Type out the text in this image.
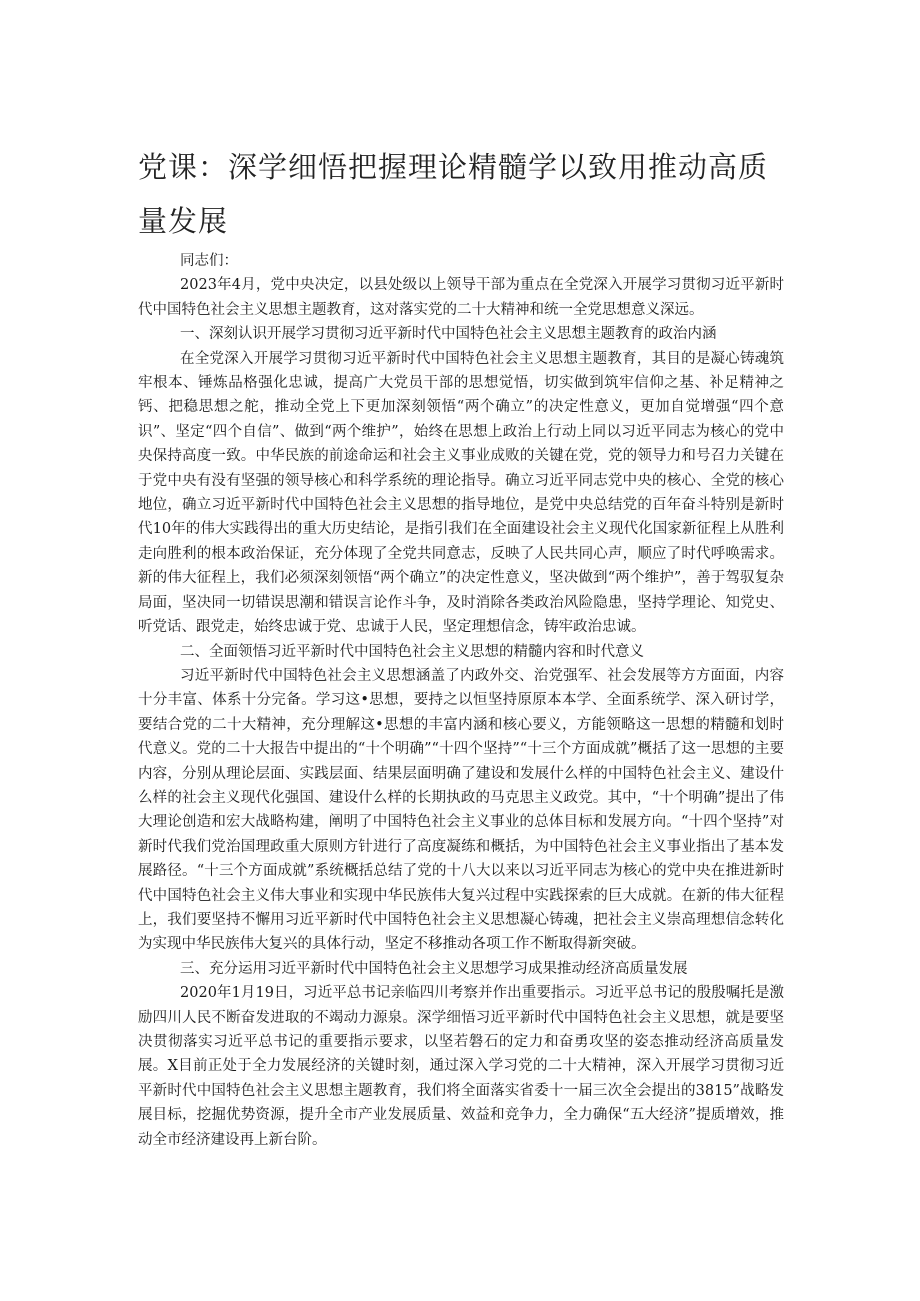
党课：深学细悟把握理论精髓学以致用推动高质量发展

同志们：

2023年4月，党中央决定，以县处级以上领导干部为重点在全党深入开展学习贯彻习近平新时代中国特色社会主义思想主题教育，这对落实党的二十大精神和统一全党思想意义深远。

一、深刻认识开展学习贯彻习近平新时代中国特色社会主义思想主题教育的政治内涵

在全党深入开展学习贯彻习近平新时代中国特色社会主义思想主题教育，其目的是凝心铸魂筑牢根本、锤炼品格强化忠诚，提高广大党员干部的思想觉悟，切实做到筑牢信仰之基、补足精神之钙、把稳思想之舵，推动全党上下更加深刻领悟“两个确立”的决定性意义，更加自觉增强“四个意识”、坚定“四个自信”、做到“两个维护”，始终在思想上政治上行动上同以习近平同志为核心的党中央保持高度一致。中华民族的前途命运和社会主义事业成败的关键在党，党的领导力和号召力关键在于党中央有没有坚强的领导核心和科学系统的理论指导。确立习近平同志党中央的核心、全党的核心地位，确立习近平新时代中国特色社会主义思想的指导地位，是党中央总结党的百年奋斗特别是新时代10年的伟大实践得出的重大历史结论，是指引我们在全面建设社会主义现代化国家新征程上从胜利走向胜利的根本政治保证，充分体现了全党共同意志，反映了人民共同心声，顺应了时代呼唤需求。新的伟大征程上，我们必须深刻领悟“两个确立”的决定性意义，坚决做到“两个维护”，善于驾驭复杂局面，坚决同一切错误思潮和错误言论作斗争，及时消除各类政治风险隐患，坚持学理论、知党史、听党话、跟党走，始终忠诚于党、忠诚于人民，坚定理想信念，铸牢政治忠诚。

二、全面领悟习近平新时代中国特色社会主义思想的精髓内容和时代意义

习近平新时代中国特色社会主义思想涵盖了内政外交、治党强军、社会发展等方方面面，内容十分丰富、体系十分完备。学习这•思想，要持之以恒坚持原原本本学、全面系统学、深入研讨学，要结合党的二十大精神，充分理解这•思想的丰富内涵和核心要义，方能领略这一思想的精髓和划时代意义。党的二十大报告中提出的“十个明确”“十四个坚持”“十三个方面成就”概括了这一思想的主要内容，分别从理论层面、实践层面、结果层面明确了建设和发展什么样的中国特色社会主义、建设什么样的社会主义现代化强国、建设什么样的长期执政的马克思主义政党。其中，“十个明确”提出了伟大理论创造和宏大战略构建，阐明了中国特色社会主义事业的总体目标和发展方向。“十四个坚持”对新时代我们党治国理政重大原则方针进行了高度凝练和概括，为中国特色社会主义事业指出了基本发展路径。“十三个方面成就”系统概括总结了党的十八大以来以习近平同志为核心的党中央在推进新时代中国特色社会主义伟大事业和实现中华民族伟大复兴过程中实践探索的巨大成就。在新的伟大征程上，我们要坚持不懈用习近平新时代中国特色社会主义思想凝心铸魂，把社会主义崇高理想信念转化为实现中华民族伟大复兴的具体行动，坚定不移推动各项工作不断取得新突破。

三、充分运用习近平新时代中国特色社会主义思想学习成果推动经济高质量发展

2020年1月19日，习近平总书记亲临四川考察并作出重要指示。习近平总书记的殷殷嘱托是激励四川人民不断奋发进取的不竭动力源泉。深学细悟习近平新时代中国特色社会主义思想，就是要坚决贯彻落实习近平总书记的重要指示要求，以坚若磐石的定力和奋勇攻坚的姿态推动经济高质量发展。X目前正处于全力发展经济的关键时刻，通过深入学习党的二十大精神，深入开展学习贯彻习近平新时代中国特色社会主义思想主题教育，我们将全面落实省委十一届三次全会提出的3815”战略发展目标，挖掘优势资源，提升全市产业发展质量、效益和竞争力，全力确保“五大经济”提质增效，推动全市经济建设再上新台阶。
